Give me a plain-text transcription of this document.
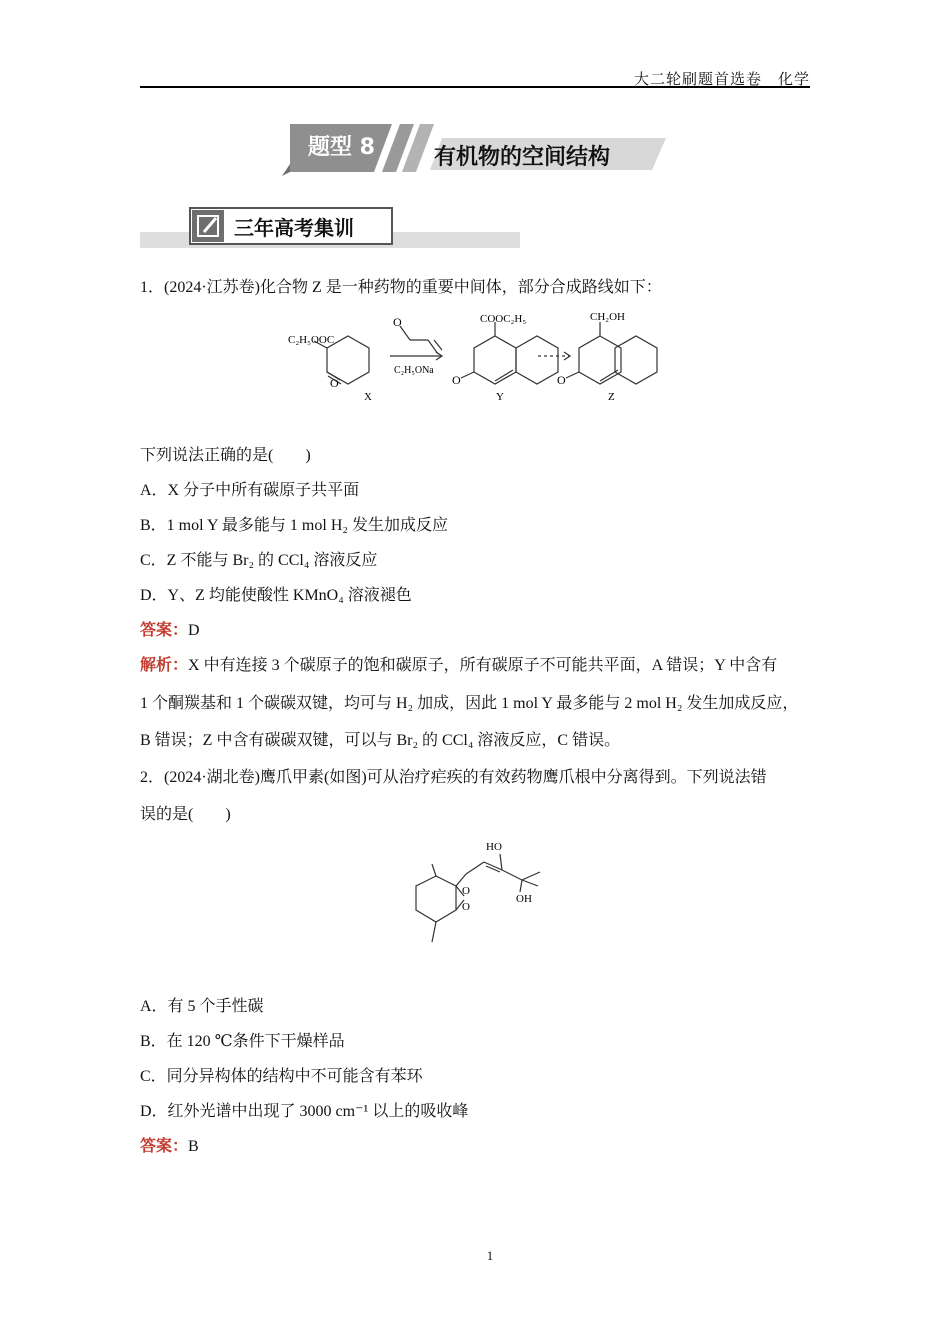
大二轮刷题首选卷　化学
题型 8	有机物的空间结构
三年高考集训
1．(2024·江苏卷)化合物 Z 是一种药物的重要中间体，部分合成路线如下：
C₂H₅OOC
O
O
C₂H₅ONa
COOC₂H₅
O
CH₂OH
O
X	Y	Z
下列说法正确的是(　　)
A．X 分子中所有碳原子共平面
B．1 mol Y 最多能与 1 mol H₂ 发生加成反应
C．Z 不能与 Br₂ 的 CCl₄ 溶液反应
D．Y、Z 均能使酸性 KMnO₄ 溶液褪色
答案：D
解析：X 中有连接 3 个碳原子的饱和碳原子，所有碳原子不可能共平面，A 错误；Y 中含有
1 个酮羰基和 1 个碳碳双键，均可与 H₂ 加成，因此 1 mol Y 最多能与 2 mol H₂ 发生加成反应，
B 错误；Z 中含有碳碳双键，可以与 Br₂ 的 CCl₄ 溶液反应，C 错误。
2．(2024·湖北卷)鹰爪甲素(如图)可从治疗疟疾的有效药物鹰爪根中分离得到。下列说法错
误的是(　　)
HO
OH
O
O
A．有 5 个手性碳
B．在 120 ℃条件下干燥样品
C．同分异构体的结构中不可能含有苯环
D．红外光谱中出现了 3000 cm⁻¹ 以上的吸收峰
答案：B
1
